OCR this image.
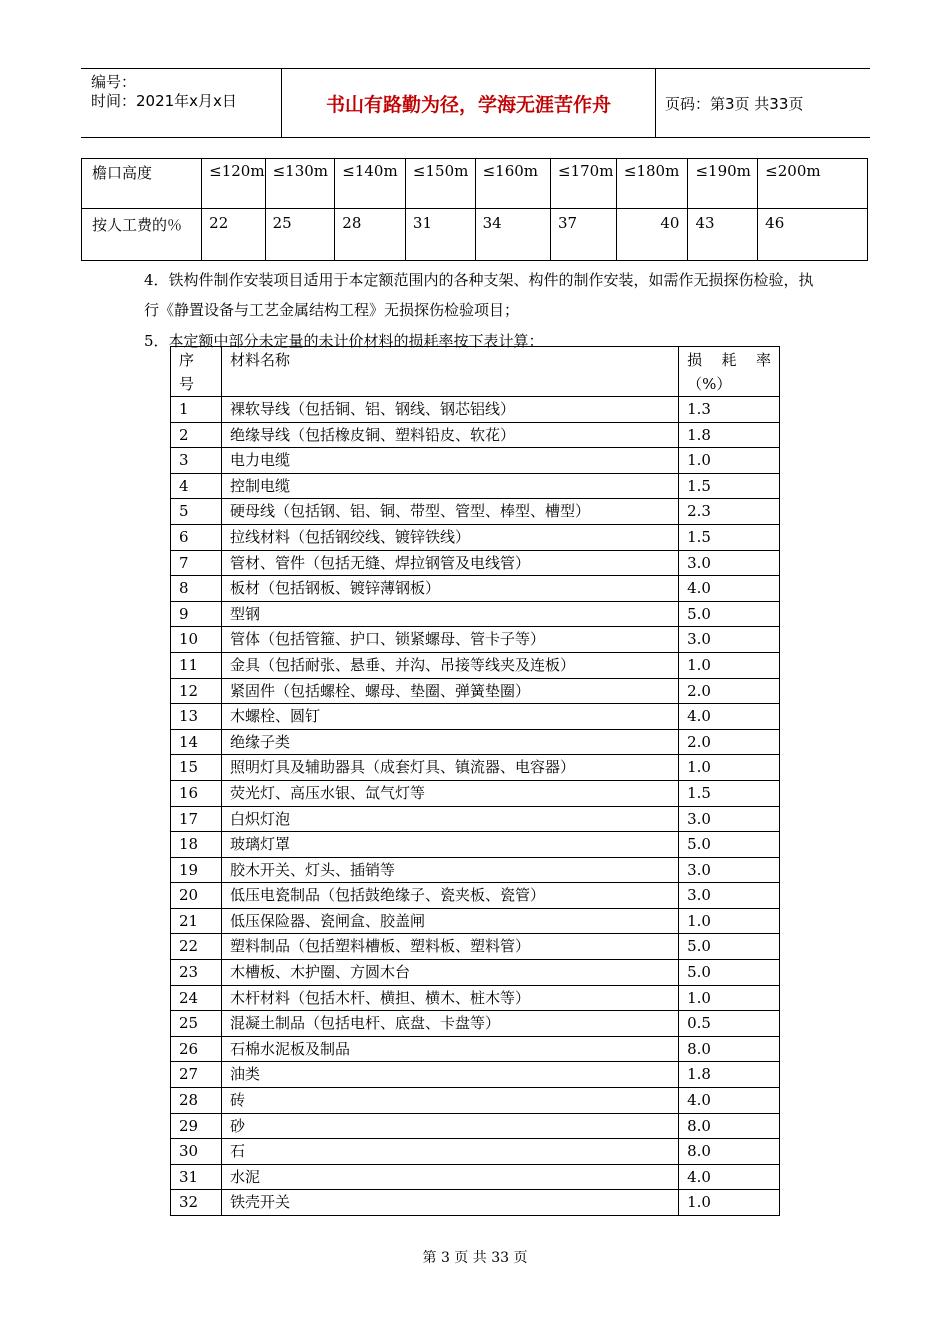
编号：
时间：2021年x月x日	书山有路勤为径，学海无涯苦作舟	页码：第3页 共33页
檐口高度	≤120m	≤130m	≤140m	≤150m	≤160m	≤170m	≤180m	≤190m	≤200m
按人工费的％	22	25	28	31	34	37	40	43	46
4．铁构件制作安装项目适用于本定额范围内的各种支架、构件的制作安装，如需作无损探伤检验，执行《静置设备与工艺金属结构工程》无损探伤检验项目；
5．本定额中部分未定量的未计价材料的损耗率按下表计算：
序号	材料名称	损 耗 率
（%）

1	裸软导线（包括铜、铝、钢线、钢芯铝线）	1.3
2	绝缘导线（包括橡皮铜、塑料铅皮、软花）	1.8
3	电力电缆	1.0
4	控制电缆	1.5
5	硬母线（包括钢、铝、铜、带型、管型、棒型、槽型）	2.3
6	拉线材料（包括钢绞线、镀锌铁线）	1.5
7	管材、管件（包括无缝、焊拉钢管及电线管）	3.0
8	板材（包括钢板、镀锌薄钢板）	4.0
9	型钢	5.0
10	管体（包括管箍、护口、锁紧螺母、管卡子等）	3.0
11	金具（包括耐张、悬垂、并沟、吊接等线夹及连板）	1.0
12	紧固件（包括螺栓、螺母、垫圈、弹簧垫圈）	2.0
13	木螺栓、圆钉	4.0
14	绝缘子类	2.0
15	照明灯具及辅助器具（成套灯具、镇流器、电容器）	1.0
16	荧光灯、高压水银、氙气灯等	1.5
17	白炽灯泡	3.0
18	玻璃灯罩	5.0
19	胶木开关、灯头、插销等	3.0
20	低压电瓷制品（包括鼓绝缘子、瓷夹板、瓷管）	3.0
21	低压保险器、瓷闸盒、胶盖闸	1.0
22	塑料制品（包括塑料槽板、塑料板、塑料管）	5.0
23	木槽板、木护圈、方圆木台	5.0
24	木杆材料（包括木杆、横担、横木、桩木等）	1.0
25	混凝土制品（包括电杆、底盘、卡盘等）	0.5
26	石棉水泥板及制品	8.0
27	油类	1.8
28	砖	4.0
29	砂	8.0
30	石	8.0
31	水泥	4.0
32	铁壳开关	1.0
第 3 页 共 33 页
